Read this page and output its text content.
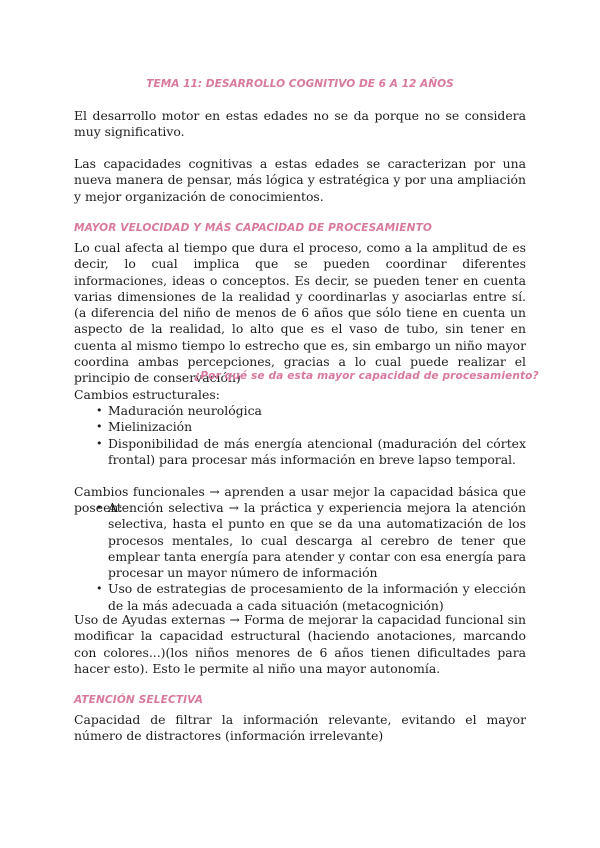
TEMA 11: DESARROLLO COGNITIVO DE 6 A 12 AÑOS

El desarrollo motor en estas edades no se da porque no se considera muy significativo.

Las capacidades cognitivas a estas edades se caracterizan por una nueva manera de pensar, más lógica y estratégica y por una ampliación y mejor organización de conocimientos.

MAYOR VELOCIDAD Y MÁS CAPACIDAD DE PROCESAMIENTO

Lo cual afecta al tiempo que dura el proceso, como a la amplitud de es decir, lo cual implica que se pueden coordinar diferentes informaciones, ideas o conceptos. Es decir, se pueden tener en cuenta varias dimensiones de la realidad y coordinarlas y asociarlas entre sí. (a diferencia del niño de menos de 6 años que sólo tiene en cuenta un aspecto de la realidad, lo alto que es el vaso de tubo, sin tener en cuenta al mismo tiempo lo estrecho que es, sin embargo un niño mayor coordina ambas percepciones, gracias a lo cual puede realizar el principio de conservación)

¿Por qué se da esta mayor capacidad de procesamiento?

Cambios estructurales:

• Maduración neurológica
• Mielinización
• Disponibilidad de más energía atencional (maduración del córtex frontal) para procesar más información en breve lapso temporal.

Cambios funcionales → aprenden a usar mejor la capacidad básica que poseen:

• Atención selectiva → la práctica y experiencia mejora la atención selectiva, hasta el punto en que se da una automatización de los procesos mentales, lo cual descarga al cerebro de tener que emplear tanta energía para atender y contar con esa energía para procesar un mayor número de información
• Uso de estrategias de procesamiento de la información y elección de la más adecuada a cada situación (metacognición)

Uso de Ayudas externas → Forma de mejorar la capacidad funcional sin modificar la capacidad estructural (haciendo anotaciones, marcando con colores...)(los niños menores de 6 años tienen dificultades para hacer esto). Esto le permite al niño una mayor autonomía.

ATENCIÓN SELECTIVA

Capacidad de filtrar la información relevante, evitando el mayor número de distractores (información irrelevante)
